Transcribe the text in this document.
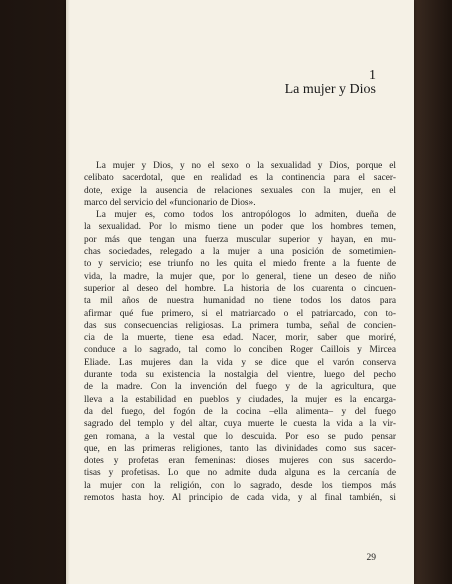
1
La mujer y Dios
La mujer y Dios, y no el sexo o la sexualidad y Dios, porque el
celibato sacerdotal, que en realidad es la continencia para el sacer-
dote, exige la ausencia de relaciones sexuales con la mujer, en el
marco del servicio del «funcionario de Dios».
La mujer es, como todos los antropólogos lo admiten, dueña de
la sexualidad. Por lo mismo tiene un poder que los hombres temen,
por más que tengan una fuerza muscular superior y hayan, en mu-
chas sociedades, relegado a la mujer a una posición de sometimien-
to y servicio; ese triunfo no les quita el miedo frente a la fuente de
vida, la madre, la mujer que, por lo general, tiene un deseo de niño
superior al deseo del hombre. La historia de los cuarenta o cincuen-
ta mil años de nuestra humanidad no tiene todos los datos para
afirmar qué fue primero, si el matriarcado o el patriarcado, con to-
das sus consecuencias religiosas. La primera tumba, señal de concien-
cia de la muerte, tiene esa edad. Nacer, morir, saber que moriré,
conduce a lo sagrado, tal como lo conciben Roger Caillois y Mircea
Eliade. Las mujeres dan la vida y se dice que el varón conserva
durante toda su existencia la nostalgia del vientre, luego del pecho
de la madre. Con la invención del fuego y de la agricultura, que
lleva a la estabilidad en pueblos y ciudades, la mujer es la encarga-
da del fuego, del fogón de la cocina –ella alimenta– y del fuego
sagrado del templo y del altar, cuya muerte le cuesta la vida a la vir-
gen romana, a la vestal que lo descuida. Por eso se pudo pensar
que, en las primeras religiones, tanto las divinidades como sus sacer-
dotes y profetas eran femeninas: dioses mujeres con sus sacerdo-
tisas y profetisas. Lo que no admite duda alguna es la cercanía de
la mujer con la religión, con lo sagrado, desde los tiempos más
remotos hasta hoy. Al principio de cada vida, y al final también, si
29
